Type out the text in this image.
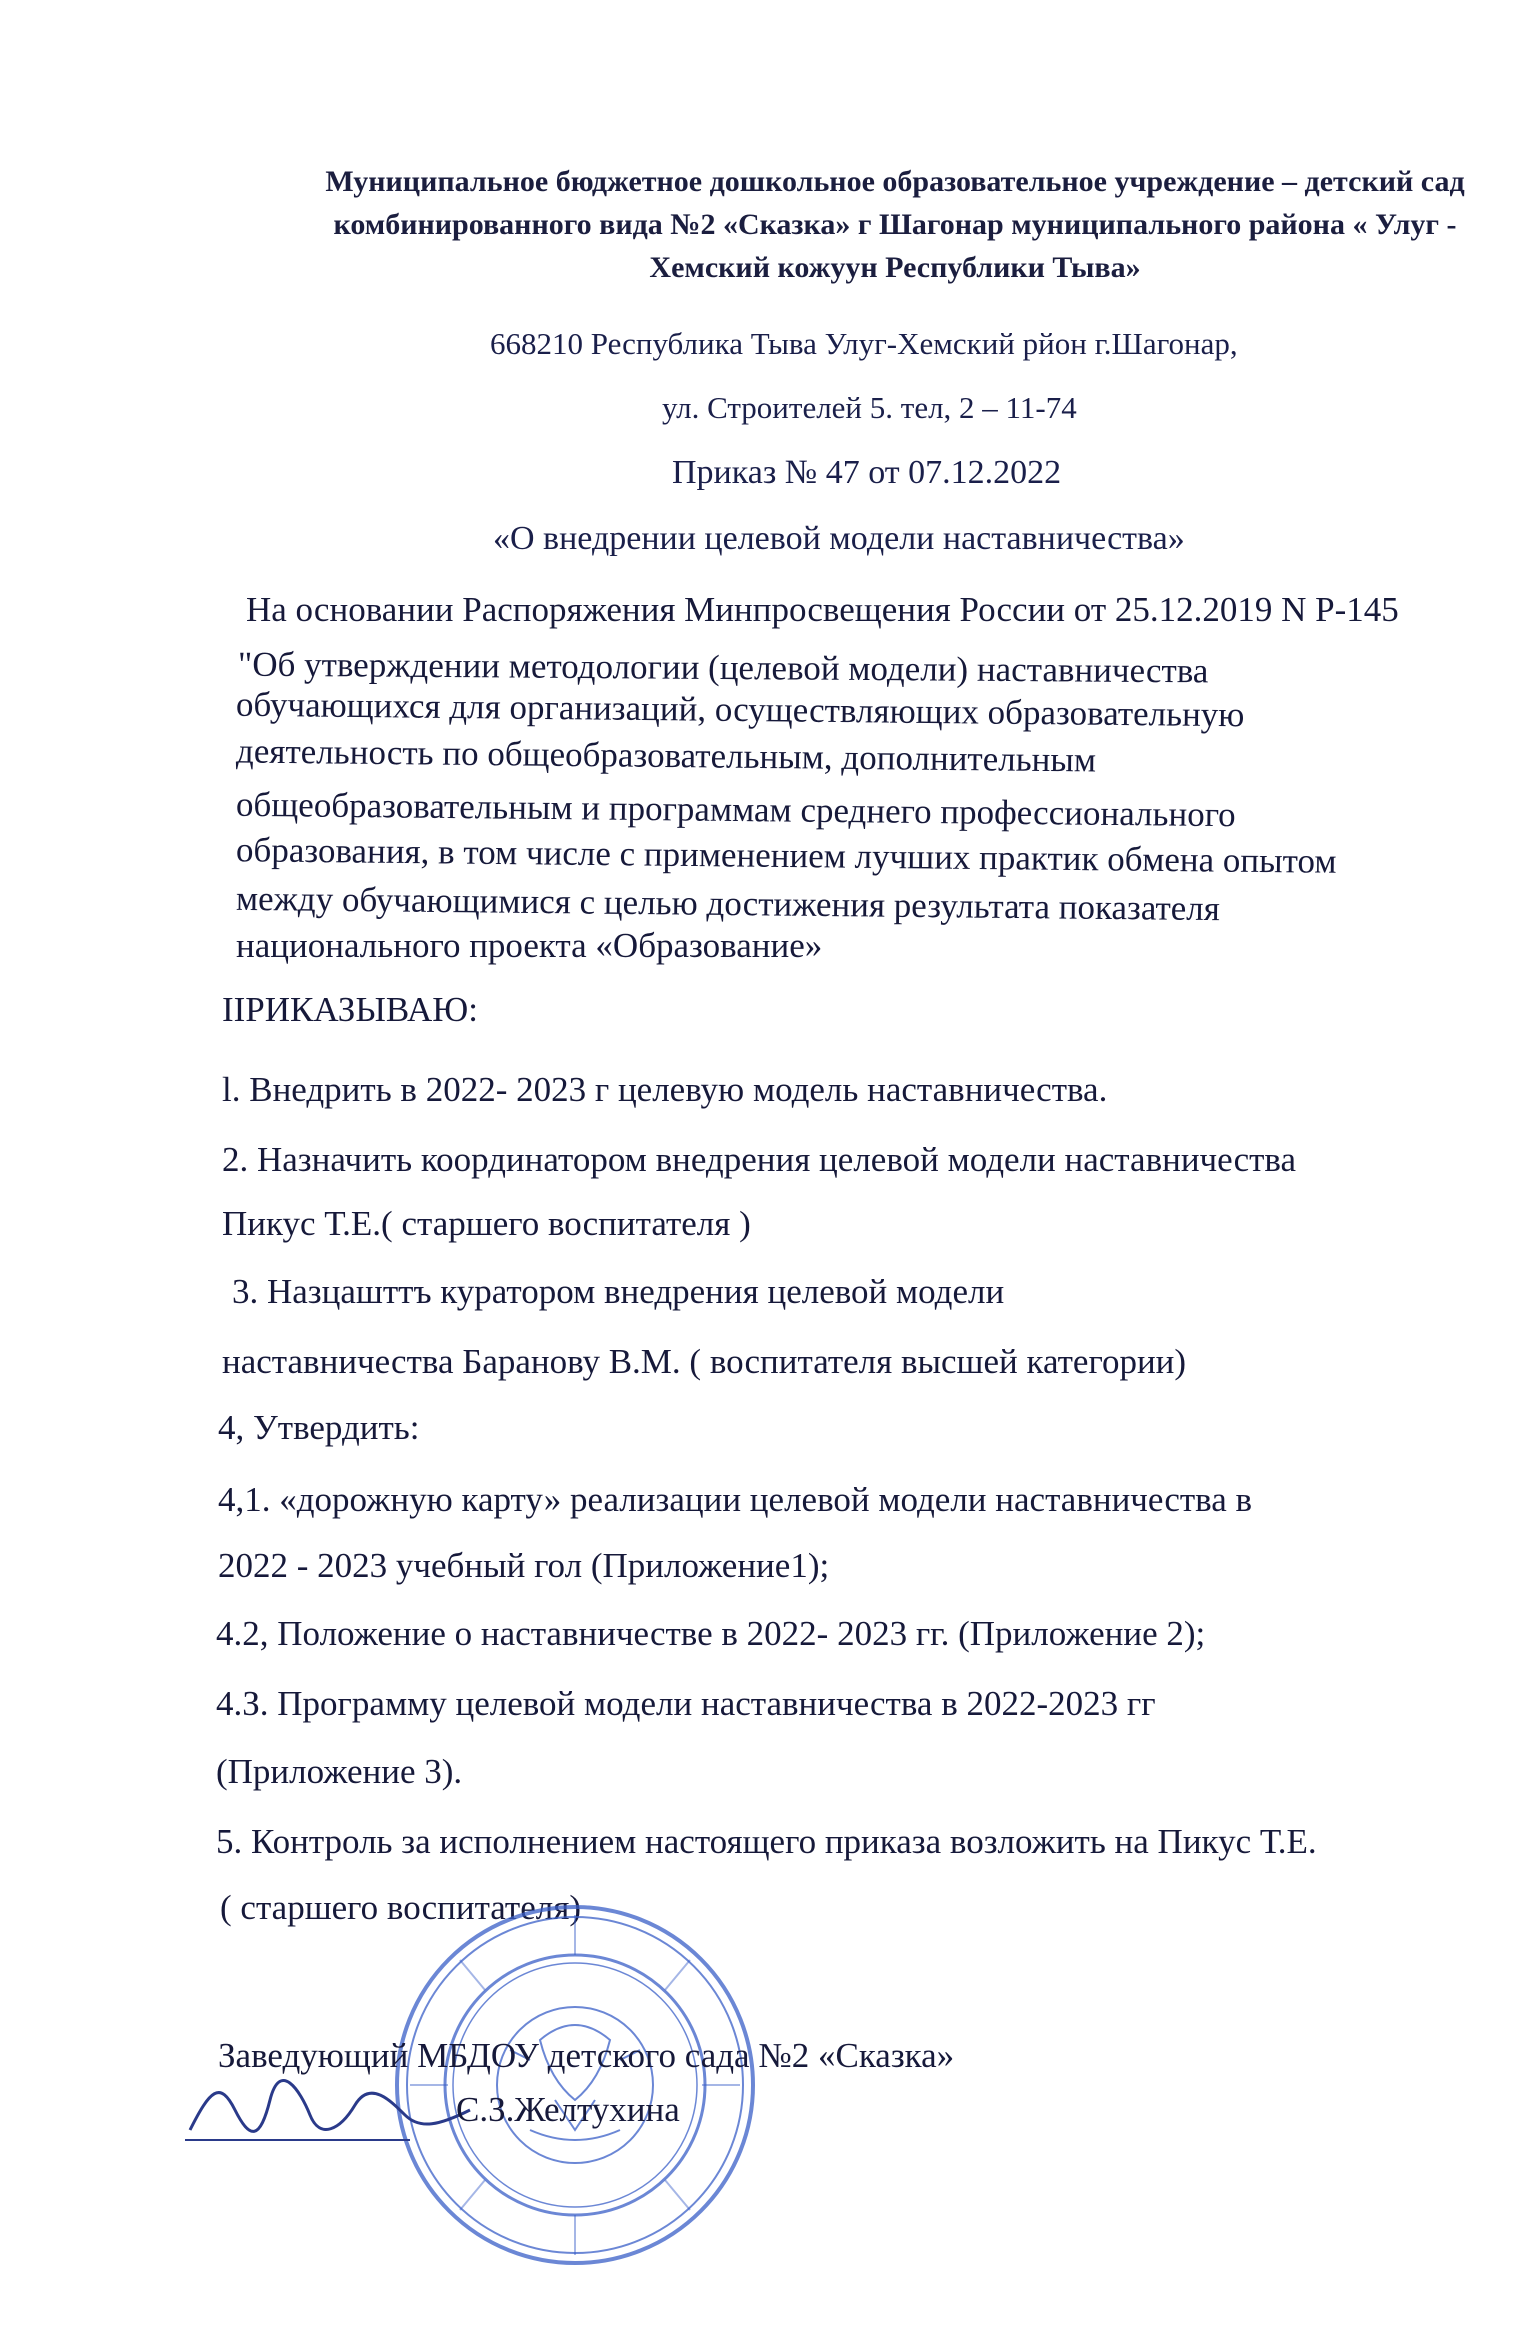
Муниципальное бюджетное дошкольное образовательное учреждение – детский сад
комбинированного вида №2 «Сказка» г Шагонар муниципального района « Улуг -
Хемский кожуун Республики Тыва»
668210 Республика Тыва Улуг-Хемский рйон г.Шагонар,
ул. Строителей 5. тел, 2 – 11-74
Приказ № 47 от 07.12.2022
«О внедрении целевой модели наставничества»
На основании Распоряжения Минпросвещения России от 25.12.2019 N Р-145
"Об утверждении методологии (целевой модели) наставничества
обучающихся для организаций, осуществляющих образовательную
деятельность по общеобразовательным, дополнительным
общеобразовательным и программам среднего профессионального
образования, в том числе с применением лучших практик обмена опытом
между обучающимися с целью достижения результата показателя
национального проекта «Образование»
IIРИКАЗЫВАЮ:
l. Внедрить в 2022- 2023 г целевую модель наставничества.
2. Назначить координатором внедрения целевой модели наставничества
Пикус Т.Е.( старшего воспитателя )
3. Назцашттъ куратором внедрения целевой модели
наставничества Баранову В.М. ( воспитателя высшей категории)
4, Утвердить:
4,1. «дорожную карту» реализации целевой модели наставничества в
2022 - 2023 учебный гол (Приложение1);
4.2, Положение о наставничестве в 2022- 2023 гг. (Приложение 2);
4.З. Программу целевой модели наставничества в 2022-2023 гг
(Приложение 3).
5. Контроль за исполнением настоящего приказа возложить на Пикус Т.Е.
( старшего воспитателя)
Заведующий МБДОУ детского сада №2 «Сказка»
С.З.Желтухина
